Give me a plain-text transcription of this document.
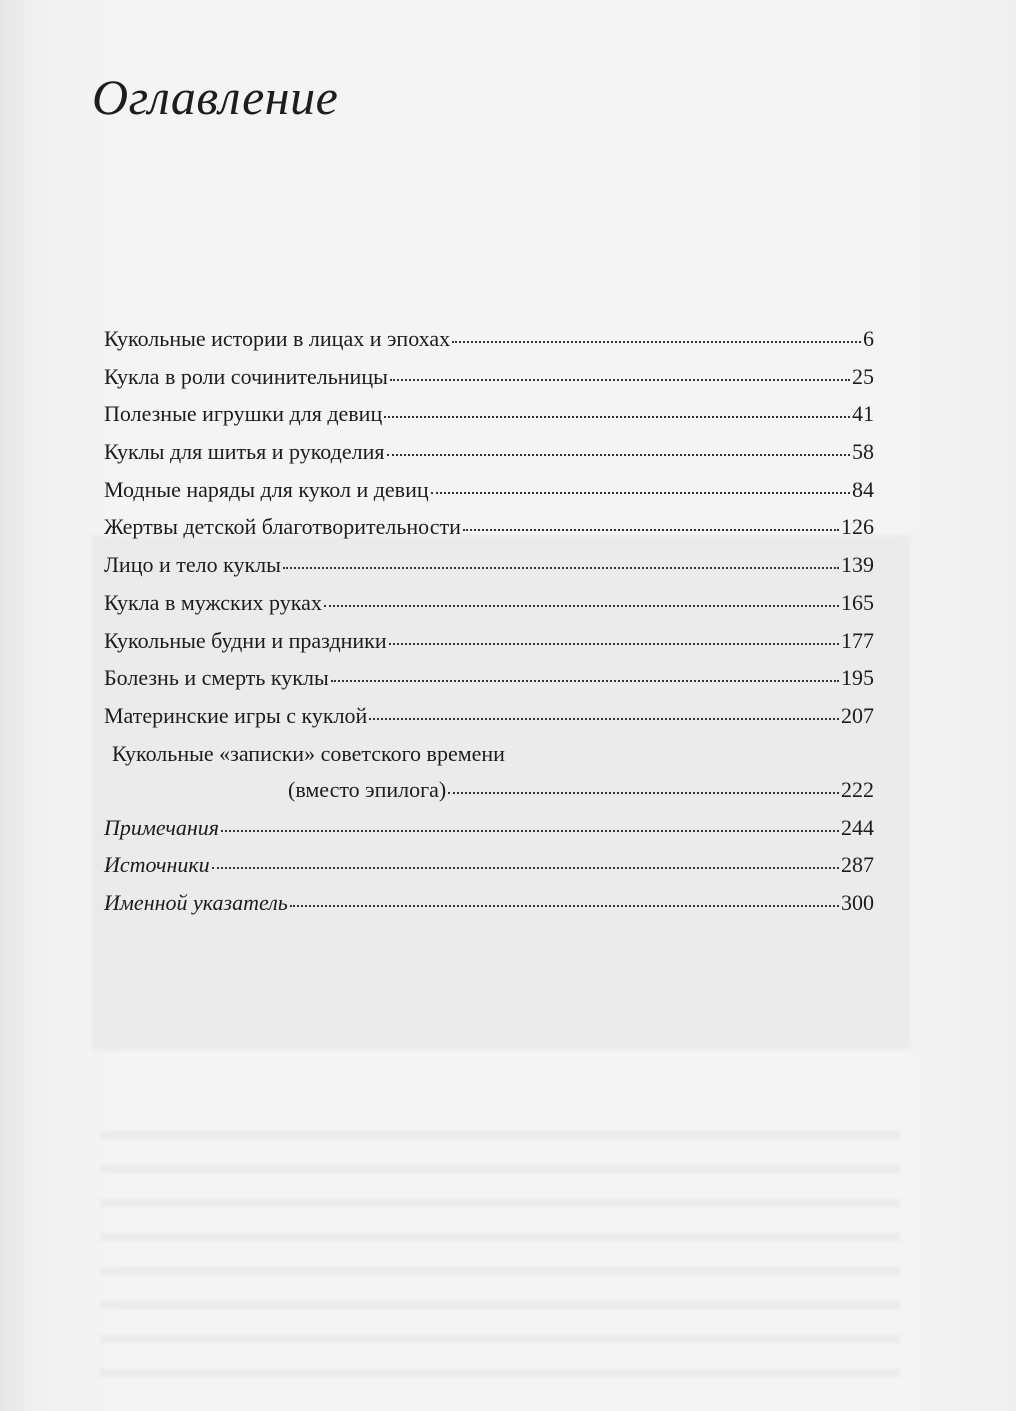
Оглавление
Кукольные истории в лицах и эпохах	6
Кукла в роли сочинительницы	25
Полезные игрушки для девиц	41
Куклы для шитья и рукоделия	58
Модные наряды для кукол и девиц	84
Жертвы детской благотворительности	126
Лицо и тело куклы	139
Кукла в мужских руках	165
Кукольные будни и праздники	177
Болезнь и смерть куклы	195
Материнские игры с куклой	207
Кукольные «записки» советского времени
(вместо эпилога)	222
Примечания	244
Источники	287
Именной указатель	300
